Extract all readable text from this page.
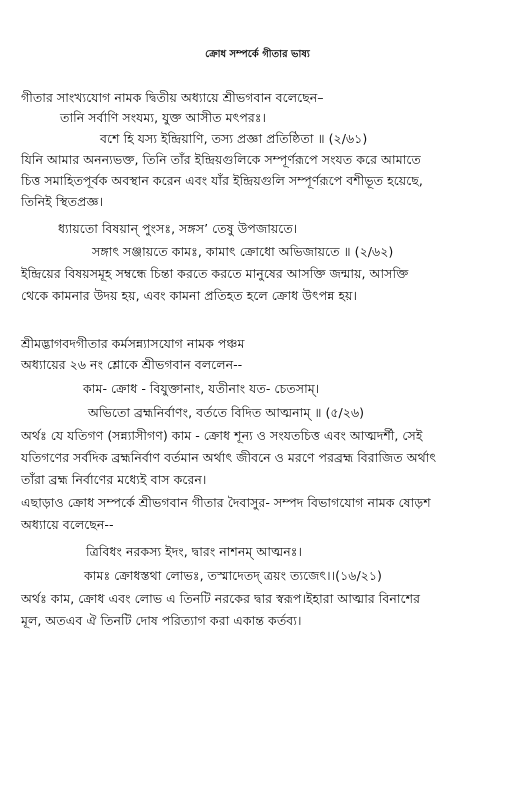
ক্রোধ সম্পর্কে গীতার ভাষ্য
গীতার সাংখ্যযোগ নামক দ্বিতীয় অধ্যায়ে শ্রীভগবান বলেছেন–
তানি সর্বাণি সংযম্য, যুক্ত আসীত মৎপরঃ।
বশে হি যস্য ইন্দ্রিয়াণি, তস্য প্রজ্ঞা প্রতিষ্ঠিতা ॥ (২/৬১)
যিনি আমার অনন্যভক্ত, তিনি তাঁর ইন্দ্রিয়গুলিকে সম্পূর্ণরূপে সংযত করে আমাতে
চিত্ত সমাহিতপূর্বক অবস্থান করেন এবং যাঁর ইন্দ্রিয়গুলি সম্পূর্ণরূপে বশীভূত হয়েছে,
তিনিই স্থিতপ্রজ্ঞ।
ধ্যায়তো বিষয়ান্ পুংসঃ, সঙ্গস’ তেষু উপজায়তে।
সঙ্গাৎ সঞ্জায়তে কামঃ, কামাৎ ক্রোধো অভিজায়তে ॥ (২/৬২)
ইন্দ্রিয়ের বিষয়সমূহ সম্বন্ধে চিন্তা করতে করতে মানুষের আসক্তি জন্মায়, আসক্তি
থেকে কামনার উদয় হয়, এবং কামনা প্রতিহত হলে ক্রোধ উৎপন্ন হয়।
শ্রীমদ্ভাগবদগীতার কর্মসন্ন্যাসযোগ নামক পঞ্চম
অধ্যায়ের ২৬ নং শ্লোকে শ্রীভগবান বললেন--
কাম- ক্রোধ - বিযুক্তানাং, যতীনাং যত- চেতসাম্।
অভিতো ব্রহ্মনির্বাণং, বর্ততে বিদিত আত্মনাম্ ॥ (৫/২৬)
অর্থঃ যে যতিগণ (সন্ন্যাসীগণ) কাম - ক্রোধ শূন্য ও সংযতচিত্ত এবং আত্মদর্শী, সেই
যতিগণের সর্বদিক ব্রহ্মনির্বাণ বর্তমান অর্থাৎ জীবনে ও মরণে পরব্রহ্ম বিরাজিত অর্থাৎ
তাঁরা ব্রহ্ম নির্বাণের মধ্যেই বাস করেন।
এছাড়াও ক্রোধ সম্পর্কে শ্রীভগবান গীতার দৈবাসুর- সম্পদ বিভাগযোগ নামক ষোড়শ
অধ্যায়ে বলেছেন--
ত্রিবিধং নরকস্য ইদং, দ্বারং নাশনম্ আত্মনঃ।
কামঃ ক্রোধস্তথা লোভঃ, তস্মাদেতদ্ ত্রয়ং ত্যজেৎ।।(১৬/২১)
অর্থঃ কাম, ক্রোধ এবং লোভ এ তিনটি নরকের দ্বার স্বরূপ।ইহারা আত্মার বিনাশের
মূল, অতএব ঐ তিনটি দোষ পরিত্যাগ করা একান্ত কর্তব্য।
